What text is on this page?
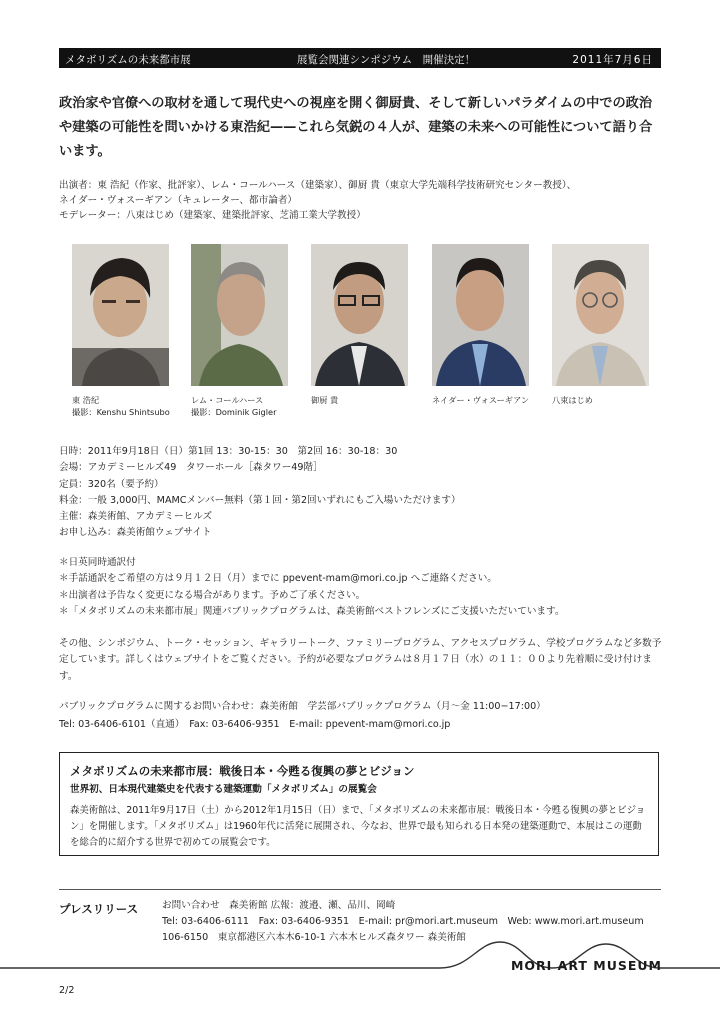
メタボリズムの未来都市展	展覧会関連シンポジウム　開催決定！	2011年7月6日
政治家や官僚への取材を通して現代史への視座を開く御厨貴、そして新しいパラダイムの中での政治や建築の可能性を問いかける東浩紀——これら気鋭の４人が、建築の未来への可能性について語り合います。
出演者：東 浩紀（作家、批評家）、レム・コールハース（建築家）、御厨 貴（東京大学先端科学技術研究センター教授）、
ネイダー・ヴォスーギアン（キュレーター、都市論者）
モデレーター：八束はじめ（建築家、建築批評家、芝浦工業大学教授）
東 浩紀
撮影：Kenshu Shintsubo
レム・コールハース
撮影：Dominik Gigler
御厨 貴	ネイダー・ヴォスーギアン	八束はじめ
日時：2011年9月18日（日）第1回 13：30-15：30　第2回 16：30-18：30
会場：アカデミーヒルズ49　タワーホール［森タワー49階］
定員：320名（要予約）
料金：一般 3,000円、MAMCメンバー無料（第１回・第2回いずれにもご入場いただけます）
主催：森美術館、アカデミーヒルズ
お申し込み：森美術館ウェブサイト
＊日英同時通訳付
＊手話通訳をご希望の方は９月１２日（月）までに ppevent-mam@mori.co.jp へご連絡ください。
＊出演者は予告なく変更になる場合があります。予めご了承ください。
＊「メタボリズムの未来都市展」関連パブリックプログラムは、森美術館ベストフレンズにご支援いただいています。
その他、シンポジウム、トーク・セッション、ギャラリートーク、ファミリープログラム、アクセスプログラム、学校プログラムなど多数予定しています。詳しくはウェブサイトをご覧ください。予約が必要なプログラムは８月１７日（水）の１１：００より先着順に受け付けます。
パブリックプログラムに関するお問い合わせ：森美術館　学芸部パブリックプログラム（月〜金 11:00−17:00）
Tel: 03-6406-6101（直通）　Fax: 03-6406-9351　E-mail: ppevent-mam@mori.co.jp
メタボリズムの未来都市展：戦後日本・今甦る復興の夢とビジョン
世界初、日本現代建築史を代表する建築運動「メタボリズム」の展覧会
森美術館は、2011年9月17日（土）から2012年1月15日（日）まで、「メタボリズムの未来都市展：戦後日本・今甦る復興の夢とビジョン」を開催します。「メタボリズム」は1960年代に活発に展開され、今なお、世界で最も知られる日本発の建築運動で、本展はこの運動を総合的に紹介する世界で初めての展覧会です。
プレスリリース お問い合わせ　森美術館 広報：渡邉、瀬、品川、岡崎
Tel: 03-6406-6111　Fax: 03-6406-9351　E-mail: pr@mori.art.museum　Web: www.mori.art.museum
106-6150　東京都港区六本木6-10-1 六本木ヒルズ森タワー 森美術館
MORI ART MUSEUM
2/2
